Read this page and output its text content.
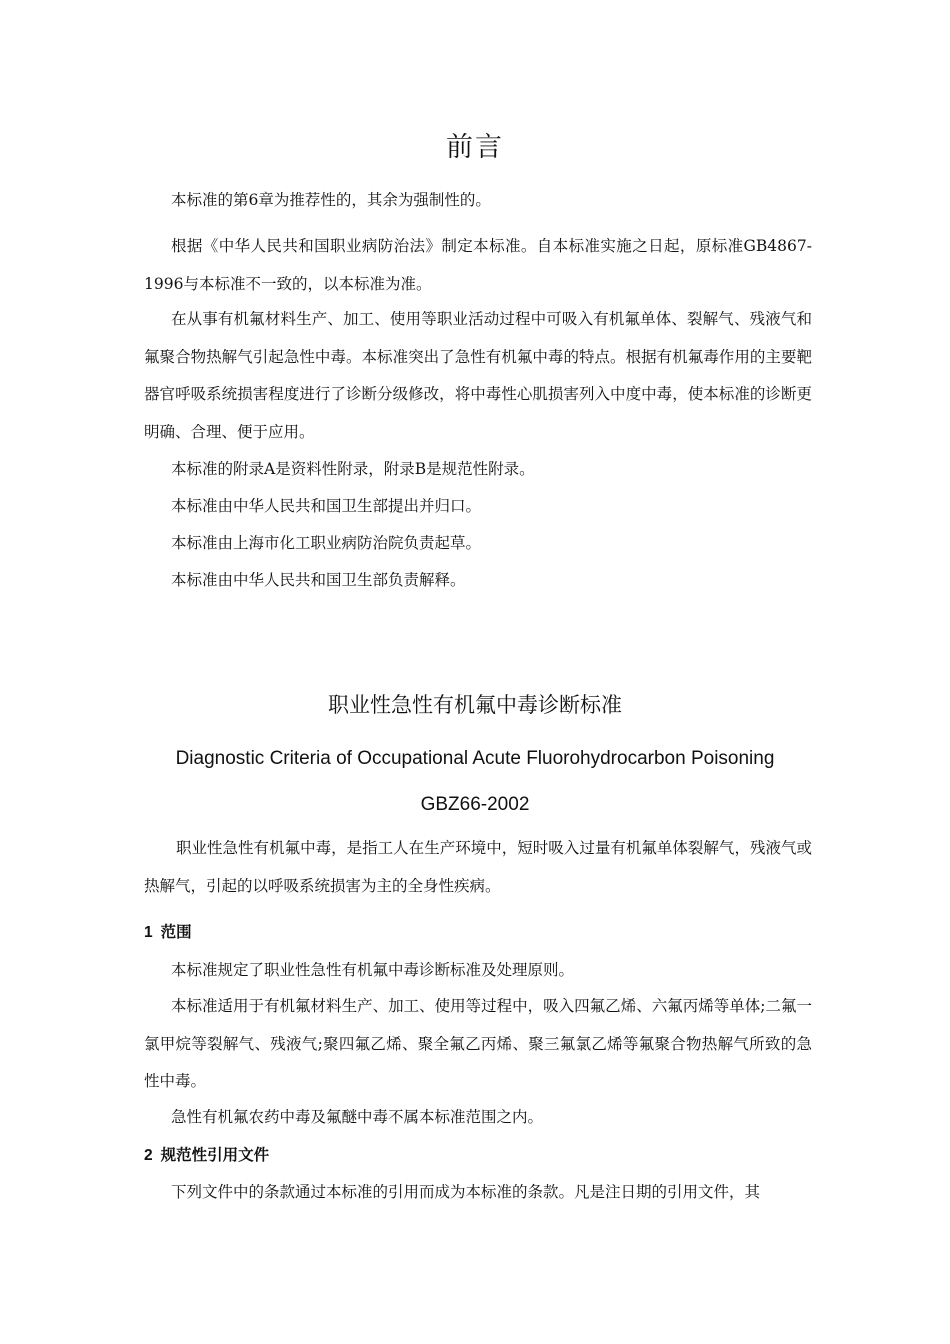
前言

本标准的第6章为推荐性的，其余为强制性的。

根据《中华人民共和国职业病防治法》制定本标准。自本标准实施之日起，原标准GB4867-1996与本标准不一致的，以本标准为准。

在从事有机氟材料生产、加工、使用等职业活动过程中可吸入有机氟单体、裂解气、残液气和氟聚合物热解气引起急性中毒。本标准突出了急性有机氟中毒的特点。根据有机氟毒作用的主要靶器官呼吸系统损害程度进行了诊断分级修改，将中毒性心肌损害列入中度中毒，使本标准的诊断更明确、合理、便于应用。

本标准的附录A是资料性附录，附录B是规范性附录。

本标准由中华人民共和国卫生部提出并归口。

本标准由上海市化工职业病防治院负责起草。

本标准由中华人民共和国卫生部负责解释。

职业性急性有机氟中毒诊断标准
Diagnostic Criteria of Occupational Acute Fluorohydrocarbon Poisoning
GBZ66-2002

职业性急性有机氟中毒，是指工人在生产环境中，短时吸入过量有机氟单体裂解气，残液气或热解气，引起的以呼吸系统损害为主的全身性疾病。

1 范围

本标准规定了职业性急性有机氟中毒诊断标准及处理原则。

本标准适用于有机氟材料生产、加工、使用等过程中，吸入四氟乙烯、六氟丙烯等单体;二氟一氯甲烷等裂解气、残液气;聚四氟乙烯、聚全氟乙丙烯、聚三氟氯乙烯等氟聚合物热解气所致的急性中毒。

急性有机氟农药中毒及氟醚中毒不属本标准范围之内。

2 规范性引用文件

下列文件中的条款通过本标准的引用而成为本标准的条款。凡是注日期的引用文件，其
